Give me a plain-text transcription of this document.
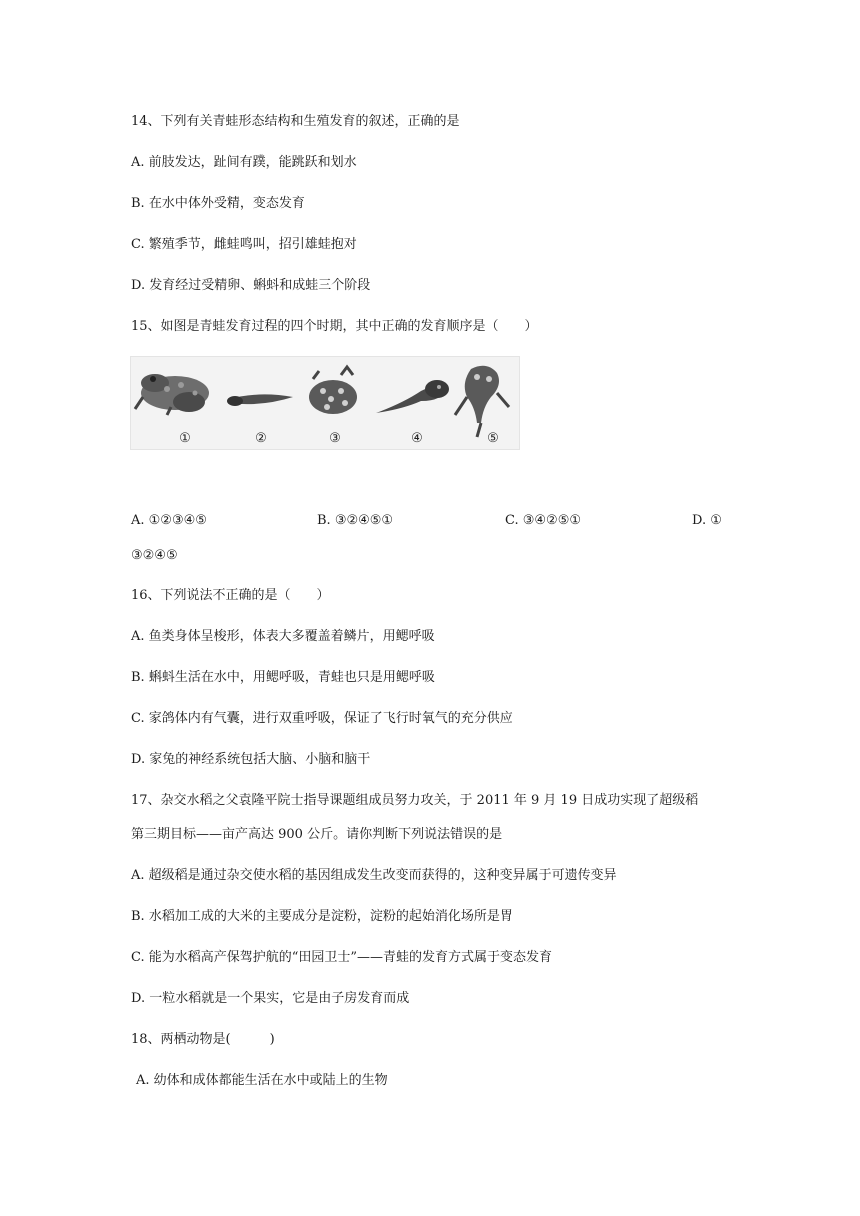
14、下列有关青蛙形态结构和生殖发育的叙述，正确的是
A. 前肢发达，趾间有蹼，能跳跃和划水
B. 在水中体外受精，变态发育
C. 繁殖季节，雌蛙鸣叫，招引雄蛙抱对
D. 发育经过受精卵、蝌蚪和成蛙三个阶段
15、如图是青蛙发育过程的四个时期，其中正确的发育顺序是（　　）
①	②	③	④	⑤
A. ①②③④⑤	B. ③②④⑤①	C. ③④②⑤①	D. ①
③②④⑤
16、下列说法不正确的是（　　）
A. 鱼类身体呈梭形，体表大多覆盖着鳞片，用鳃呼吸
B. 蝌蚪生活在水中，用鳃呼吸，青蛙也只是用鳃呼吸
C. 家鸽体内有气囊，进行双重呼吸，保证了飞行时氧气的充分供应
D. 家兔的神经系统包括大脑、小脑和脑干
17、杂交水稻之父袁隆平院士指导课题组成员努力攻关，于 2011 年 9 月 19 日成功实现了超级稻
第三期目标——亩产高达 900 公斤。请你判断下列说法错误的是
A. 超级稻是通过杂交使水稻的基因组成发生改变而获得的，这种变异属于可遗传变异
B. 水稻加工成的大米的主要成分是淀粉，淀粉的起始消化场所是胃
C. 能为水稻高产保驾护航的“田园卫士”——青蛙的发育方式属于变态发育
D. 一粒水稻就是一个果实，它是由子房发育而成
18、两栖动物是(　　　)
A. 幼体和成体都能生活在水中或陆上的生物
